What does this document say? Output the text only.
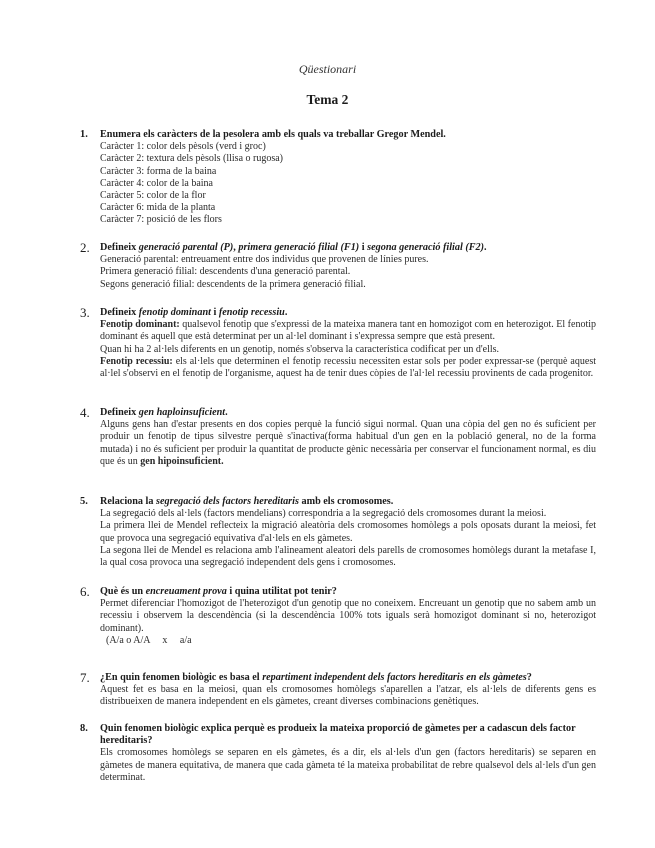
Qüestionari
Tema 2
1. Enumera els caràcters de la pesolera amb els quals va treballar Gregor Mendel.
Caràcter 1: color dels pèsols (verd i groc)
Caràcter 2: textura dels pèsols (llisa o rugosa)
Caràcter 3: forma de la baina
Caràcter 4: color de la baina
Caràcter 5: color de la flor
Caràcter 6: mida de la planta
Caràcter 7: posició de les flors
2. Defineix generació parental (P), primera generació filial (F1) i segona generació filial (F2).
Generació parental: entreuament entre dos individus que provenen de línies pures.
Primera generació filial: descendents d'una generació parental.
Segons generació filial: descendents de la primera generació filial.
3. Defineix fenotip dominant i fenotip recessiu.
Fenotip dominant: qualsevol fenotip que s'expressi de la mateixa manera tant en homozigot com en heterozigot. El fenotip dominant és aquell que està determinat per un al·lel dominant i s'expressa sempre que està present.
Quan hi ha 2 al·lels diferents en un genotip, només s'observa la característica codificat per un d'ells.
Fenotip recessiu: els al·lels que determinen el fenotip recessiu necessiten estar sols per poder expressar-se (perquè aquest al·lel s'observi en el fenotip de l'organisme, aquest ha de tenir dues còpies de l'al·lel recessiu provinents de cada progenitor.
4. Defineix gen haploinsuficient.
Alguns gens han d'estar presents en dos copies perquè la funció sigui normal. Quan una còpia del gen no és suficient per produir un fenotip de tipus silvestre perquè s'inactiva(forma habitual d'un gen en la població general, no de la forma mutada) i no és suficient per produir la quantitat de producte gènic necessària per conservar el funcionament normal, es diu que és un gen hipoinsuficient.
5. Relaciona la segregació dels factors hereditaris amb els cromosomes.
La segregació dels al·lels (factors mendelians) correspondria a la segregació dels cromosomes durant la meiosi.
La primera llei de Mendel reflecteix la migració aleatòria dels cromosomes homòlegs a pols oposats durant la meiosi, fet que provoca una segregació equivativa d'al·lels en els gàmetes.
La segona llei de Mendel es relaciona amb l'alineament aleatori dels parells de cromosomes homòlegs durant la metafase I, la qual cosa provoca una segregació independent dels gens i cromosomes.
6. Què és un encreuament prova i quina utilitat pot tenir?
Permet diferenciar l'homozigot de l'heterozigot d'un genotip que no coneixem. Encreuant un genotip que no sabem amb un recessiu i observem la descendència (si la descendència 100% tots iguals serà homozigot dominant si no, heterozigot dominant).
(A/a o A/A     x     a/a
7. ¿En quin fenomen biològic es basa el repartiment independent dels factors hereditaris en els gàmetes?
Aquest fet es basa en la meiosi, quan els cromosomes homòlegs s'aparellen a l'atzar, els al·lels de diferents gens es distribueixen de manera independent en els gàmetes, creant diverses combinacions genètiques.
8. Quin fenomen biològic explica perquè es produeix la mateixa proporció de gàmetes per a cadascun dels factor hereditaris?
Els cromosomes homòlegs se separen en els gàmetes, és a dir, els al·lels d'un gen (factors hereditaris) se separen en gàmetes de manera equitativa, de manera que cada gàmeta té la mateixa probabilitat de rebre qualsevol dels al·lels d'un gen determinat.
